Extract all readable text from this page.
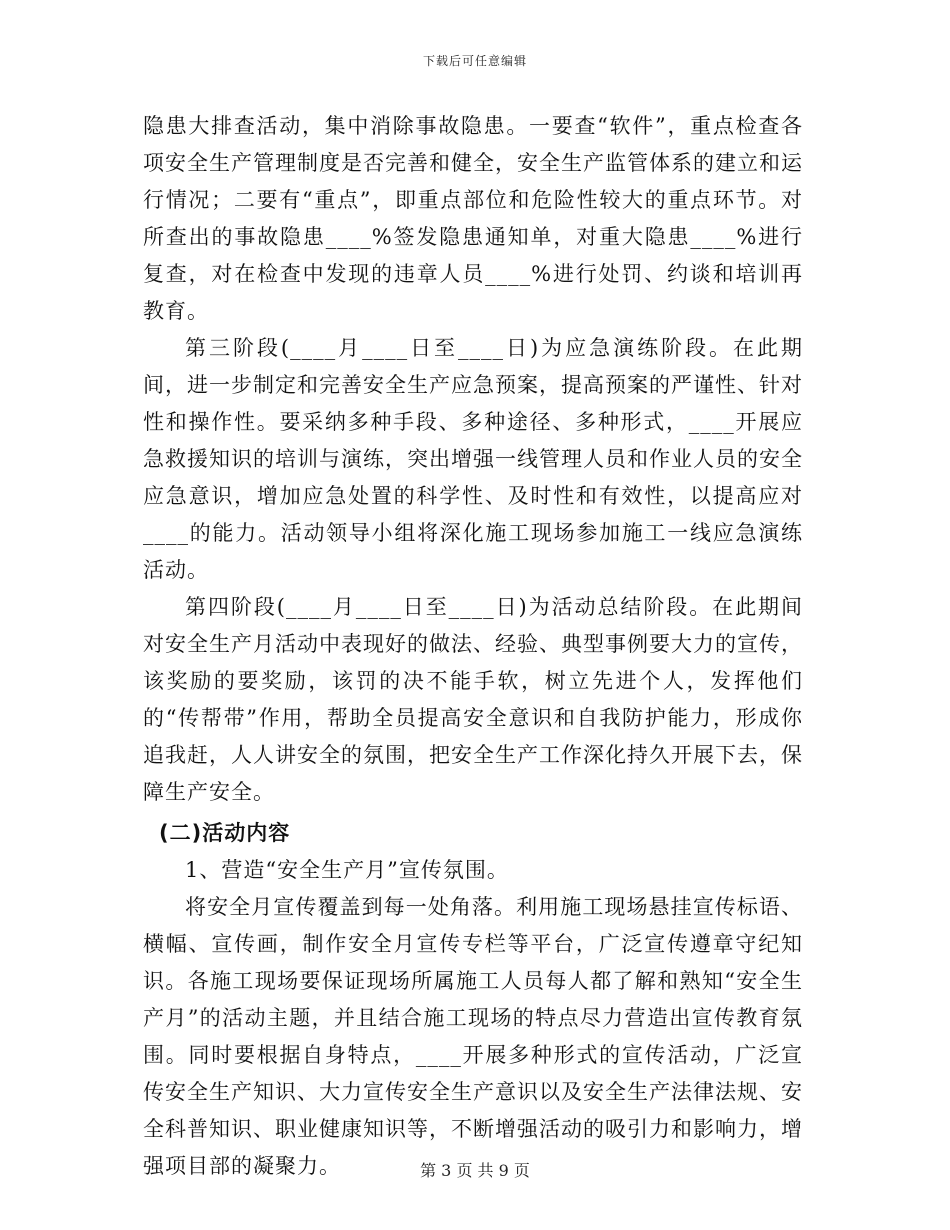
下载后可任意编辑

隐患大排查活动，集中消除事故隐患。一要查“软件”，重点检查各项安全生产管理制度是否完善和健全，安全生产监管体系的建立和运行情况；二要有“重点”，即重点部位和危险性较大的重点环节。对所查出的事故隐患____%签发隐患通知单，对重大隐患____%进行复查，对在检查中发现的违章人员____%进行处罚、约谈和培训再教育。

第三阶段(____月____日至____日)为应急演练阶段。在此期间，进一步制定和完善安全生产应急预案，提高预案的严谨性、针对性和操作性。要采纳多种手段、多种途径、多种形式，____开展应急救援知识的培训与演练，突出增强一线管理人员和作业人员的安全应急意识，增加应急处置的科学性、及时性和有效性，以提高应对____的能力。活动领导小组将深化施工现场参加施工一线应急演练活动。

第四阶段(____月____日至____日)为活动总结阶段。在此期间对安全生产月活动中表现好的做法、经验、典型事例要大力的宣传，该奖励的要奖励，该罚的决不能手软，树立先进个人，发挥他们的“传帮带”作用，帮助全员提高安全意识和自我防护能力，形成你追我赶，人人讲安全的氛围，把安全生产工作深化持久开展下去，保障生产安全。

(二)活动内容

1、营造“安全生产月”宣传氛围。

将安全月宣传覆盖到每一处角落。利用施工现场悬挂宣传标语、横幅、宣传画，制作安全月宣传专栏等平台，广泛宣传遵章守纪知识。各施工现场要保证现场所属施工人员每人都了解和熟知“安全生产月”的活动主题，并且结合施工现场的特点尽力营造出宣传教育氛围。同时要根据自身特点，____开展多种形式的宣传活动，广泛宣传安全生产知识、大力宣传安全生产意识以及安全生产法律法规、安全科普知识、职业健康知识等，不断增强活动的吸引力和影响力，增强项目部的凝聚力。	第 3 页 共 9 页
